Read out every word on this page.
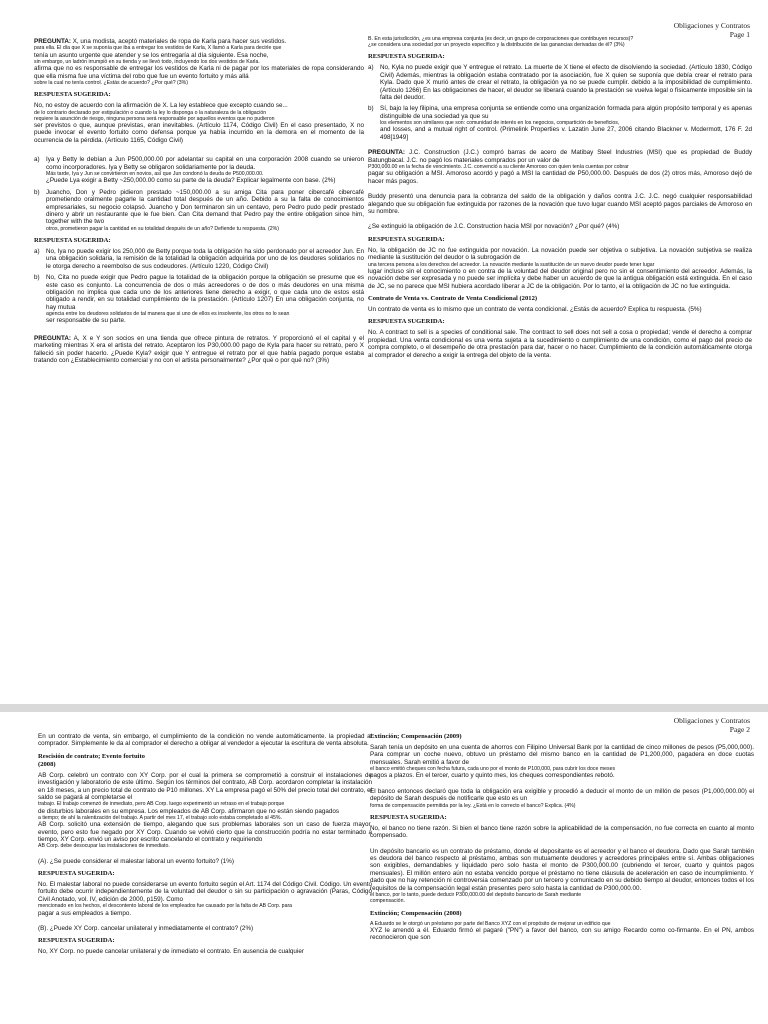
Obligaciones y Contratos
Page 1

PREGUNTA: X, una modista, aceptó materiales de ropa de Karla para hacer sus vestidos.
para ella. El día que X se suponía que iba a entregar los vestidos de Karla, X llamó a Karla para decirle que
tenía un asunto urgente que atender y se los entregaría al día siguiente. Esa noche,
sin embargo, un ladrón irrumpió en su tienda y se llevó todo, incluyendo los dos vestidos de Karla.
afirma que no es responsable de entregar los vestidos de Karla ni de pagar por los materiales de ropa considerando que ella misma fue una víctima del robo que fue un evento fortuito y más allá
sobre la cual no tenía control. ¿Estás de acuerdo? ¿Por qué? (3%)

RESPUESTA SUGERIDA:

No, no estoy de acuerdo con la afirmación de X. La ley establece que excepto cuando se...
de lo contrario declarado por estipulación o cuando la ley lo disponga o la naturaleza de la obligación
requiere la asunción de riesgo, ninguna persona será responsable por aquellos eventos que no pudieron
ser previstos o que, aunque previstas, eran inevitables. (Artículo 1174, Código Civil) En el caso presentado, X no puede invocar el evento fortuito como defensa porque ya había incurrido en la demora en el momento de la ocurrencia de la pérdida. (Artículo 1165, Código Civil)

a)	Iya y Betty le debían a Jun P500,000.00 por adelantar su capital en una corporación 2008 cuando se unieron como incorporadores. Iya y Betty se obligaron solidariamente por la deuda.
Más tarde, Iya y Jun se convirtieron en novios, así que Jun condonó la deuda de P500,000.00.
¿Puede Lya exigir a Betty ~250,000.00 como su parte de la deuda? Explicar legalmente con base. (2%)
b)	Juancho, Don y Pedro pidieron prestado ~150,000.00 a su amiga Cita para poner cibercafé cibercafé prometiendo oralmente pagarle la cantidad total después de un año. Debido a su la falta de conocimientos empresariales, su negocio colapsó. Juancho y Don terminaron sin un centavo, pero Pedro pudo pedir prestado dinero y abrir un restaurante que le fue bien. Can Cita demand that Pedro pay the entire obligation since him, together with the two
otros, prometieron pagar la cantidad en su totalidad después de un año? Defiende tu respuesta. (2%)
RESPUESTA SUGERIDA:
a)	No, Iya no puede exigir los 250,000 de Betty porque toda la obligación ha sido perdonado por el acreedor Jun. En una obligación solidaria, la remisión de la totalidad la obligación adquirida por uno de los deudores solidarios no le otorga derecho a reembolso de sus codeudores. (Artículo 1220, Código Civil)
b)	No, Cita no puede exigir que Pedro pague la totalidad de la obligación porque la obligación se presume que es este caso es conjunto. La concurrencia de dos o más acreedores o de dos o más deudores en una misma obligación no implica que cada uno de los anteriores tiene derecho a exigir, o que cada uno de estos está obligado a rendir, en su totalidad cumplimiento de la prestación. (Artículo 1207) En una obligación conjunta, no hay mutua
agencia entre los deudores solidarios de tal manera que si uno de ellos es insolvente, los otros no lo sean
ser responsable de su parte.

PREGUNTA: A, X e Y son socios en una tienda que ofrece pintura de retratos. Y proporcionó el el capital y el marketing mientras X era el artista del retrato. Aceptaron los P30,000.00 pago de Kyla para hacer su retrato, pero X falleció sin poder hacerlo. ¿Puede Kyla? exigir que Y entregue el retrato por el que había pagado porque estaba tratando con ¿Establecimiento comercial y no con el artista personalmente? ¿Por qué o por qué no? (3%)

B. En esta jurisdicción, ¿es una empresa conjunta (es decir, un grupo de corporaciones que contribuyen recursos)?
¿se considera una sociedad por un proyecto específico y la distribución de las ganancias derivadas de él? (3%)

RESPUESTA SUGERIDA:
a)	No, Kyla no puede exigir que Y entregue el retrato. La muerte de X tiene el efecto de disolviendo la sociedad. (Artículo 1830, Código Civil) Además, mientras la obligación estaba contratado por la asociación, fue X quien se suponía que debía crear el retrato para Kyla. Dado que X murió antes de crear el retrato, la obligación ya no se puede cumplir. debido a la imposibilidad de cumplimiento. (Artículo 1266) En las obligaciones de hacer, el deudor se liberará cuando la prestación se vuelva legal o físicamente imposible sin la falta del deudor.
b)	Sí, bajo la ley filipina, una empresa conjunta se entiende como una organización formada para algún propósito temporal y es apenas distinguible de una sociedad ya que su
los elementos son similares que son: comunidad de interés en los negocios, compartición de beneficios,
and losses, and a mutual right of control. (Primelink Properties v. Lazatin June 27, 2006 citando Blackner v. Mcdermott, 176 F. 2d 498[1949]

PREGUNTA: J.C. Construction (J.C.) compró barras de acero de Matibay Steel Industries (MSI) que es propiedad de Buddy Batungbacal. J.C. no pagó los materiales comprados por un valor de
P300,000.00 en la fecha de vencimiento. J.C. convenció a su cliente Amoroso con quien tenía cuentas por cobrar
pagar su obligación a MSI. Amoroso acordó y pagó a MSI la cantidad de P50,000.00. Después de dos (2) otros más, Amoroso dejó de hacer más pagos.

Buddy presentó una denuncia para la cobranza del saldo de la obligación y daños contra J.C. J.C. negó cualquier responsabilidad alegando que su obligación fue extinguida por razones de la novación que tuvo lugar cuando MSI aceptó pagos parciales de Amoroso en su nombre.

¿Se extinguió la obligación de J.C. Construction hacia MSI por novación? ¿Por qué? (4%)

RESPUESTA SUGERIDA:

No, la obligación de JC no fue extinguida por novación. La novación puede ser objetiva o subjetiva. La novación subjetiva se realiza mediante la sustitución del deudor o la subrogación de
una tercera persona a los derechos del acreedor. La novación mediante la sustitución de un nuevo deudor puede tener lugar
lugar incluso sin el conocimiento o en contra de la voluntad del deudor original pero no sin el consentimiento del acreedor. Además, la novación debe ser expresada y no puede ser implícita y debe haber un acuerdo de que la antigua obligación está extinguida. En el caso de JC, se no parece que MSI hubiera acordado liberar a JC de la obligación. Por lo tanto, el la obligación de JC no fue extinguida.

Contrato de Venta vs. Contrato de Venta Condicional (2012)

Un contrato de venta es lo mismo que un contrato de venta condicional. ¿Estás de acuerdo? Explica tu respuesta. (5%)

RESPUESTA SUGERIDA:

No. A contract to sell is a species of conditional sale. The contract to sell does not sell a cosa o propiedad; vende el derecho a comprar propiedad. Una venta condicional es una venta sujeta a la sucedimiento o cumplimiento de una condición, como el pago del precio de compra completo, o el desempeño de otra prestación para dar, hacer o no hacer. Cumplimiento de la condición automáticamente otorga al comprador el derecho a exigir la entrega del objeto de la venta.

Obligaciones y Contratos
Page 2

En un contrato de venta, sin embargo, el cumplimiento de la condición no vende automáticamente. la propiedad al comprador. Simplemente le da al comprador el derecho a obligar al vendedor a ejecutar la escritura de venta absoluta.

Rescisión de contrato; Evento fortuito
(2008)

AB Corp. celebró un contrato con XY Corp. por el cual la primera se comprometió a construir el instalaciones de investigación y laboratorio de este último. Según los términos del contrato, AB Corp. acordaron completar la instalación en 18 meses, a un precio total de contrato de P10 millones. XY La empresa pagó el 50% del precio total del contrato, el saldo se pagará al completarse el
trabajo. El trabajo comenzó de inmediato, pero AB Corp. luego experimentó un retraso en el trabajo porque
de disturbios laborales en su empresa. Los empleados de AB Corp. afirmaron que no están siendo pagados
a tiempo; de ahí la ralentización del trabajo. A partir del mes 17, el trabajo solo estaba completado al 45%.
AB Corp. solicitó una extensión de tiempo, alegando que sus problemas laborales son un caso de fuerza mayor. evento, pero esto fue negado por XY Corp. Cuando se volvió cierto que la construcción podría no estar terminado a tiempo, XY Corp. envió un aviso por escrito cancelando el contrato y requiriendo
AB Corp. debe desocupar las instalaciones de inmediato.

(A). ¿Se puede considerar el malestar laboral un evento fortuito? (1%)

RESPUESTA SUGERIDA:

No. El malestar laboral no puede considerarse un evento fortuito según el Art. 1174 del Código Civil. Código. Un evento fortuito debe ocurrir independientemente de la voluntad del deudor o sin su participación o agravación (Paras, Código Civil Anotado, vol. IV, edición de 2000, p159). Como
mencionado en los hechos, el descontento laboral de los empleados fue causado por la falta de AB Corp. para
pagar a sus empleados a tiempo.

(B). ¿Puede XY Corp. cancelar unilateral y inmediatamente el contrato? (2%)

RESPUESTA SUGERIDA:

No, XY Corp. no puede cancelar unilateral y de inmediato el contrato. En ausencia de cualquier

Extinción; Compensación (2009)

Sarah tenía un depósito en una cuenta de ahorros con Filipino Universal Bank por la cantidad de cinco millones de pesos (P5,000,000). Para comprar un coche nuevo, obtuvo un préstamo del mismo banco en la cantidad de P1,200,000, pagadera en doce cuotas mensuales. Sarah emitió a favor de
el banco emitió cheques con fecha futura, cada uno por el monto de P100,000, para cubrir los doce meses
pagos a plazos. En el tercer, cuarto y quinto mes, los cheques correspondientes rebotó.

El banco entonces declaró que toda la obligación era exigible y procedió a deducir el monto de un millón de pesos (P1,000,000.00) el depósito de Sarah después de notificarle que esto es un
forma de compensación permitida por la ley. ¿Está en lo correcto el banco? Explica. (4%)

RESPUESTA SUGERIDA:

No, el banco no tiene razón. Si bien el banco tiene razón sobre la aplicabilidad de la compensación, no fue correcta en cuanto al monto compensado.

Un depósito bancario es un contrato de préstamo, donde el depositante es el acreedor y el banco el deudora. Dado que Sarah también es deudora del banco respecto al préstamo, ambas son mutuamente deudores y acreedores principales entre sí. Ambas obligaciones son exigibles, demandables y liquidado pero solo hasta el monto de P300,000.00 (cubriendo el tercer, cuarto y quintos pagos mensuales). El millón entero aún no estaba vencido porque el préstamo no tiene cláusula de aceleración en caso de incumplimiento. Y dado que no hay retención ni controversia comenzado por un tercero y comunicado en su debido tiempo al deudor, entonces todos el los requisitos de la compensación legal están presentes pero solo hasta la cantidad de P300,000.00.
el banco, por lo tanto, puede deducir P300,000.00 del depósito bancario de Sarah mediante
compensación.

Extinción; Compensación (2008)

A Eduardo se le otorgó un préstamo por parte del Banco XYZ con el propósito de mejorar un edificio que
XYZ le arrendó a él. Eduardo firmó el pagaré ("PN") a favor del banco, con su amigo Recardo como co-firmante. En el PN, ambos reconocieron que son
